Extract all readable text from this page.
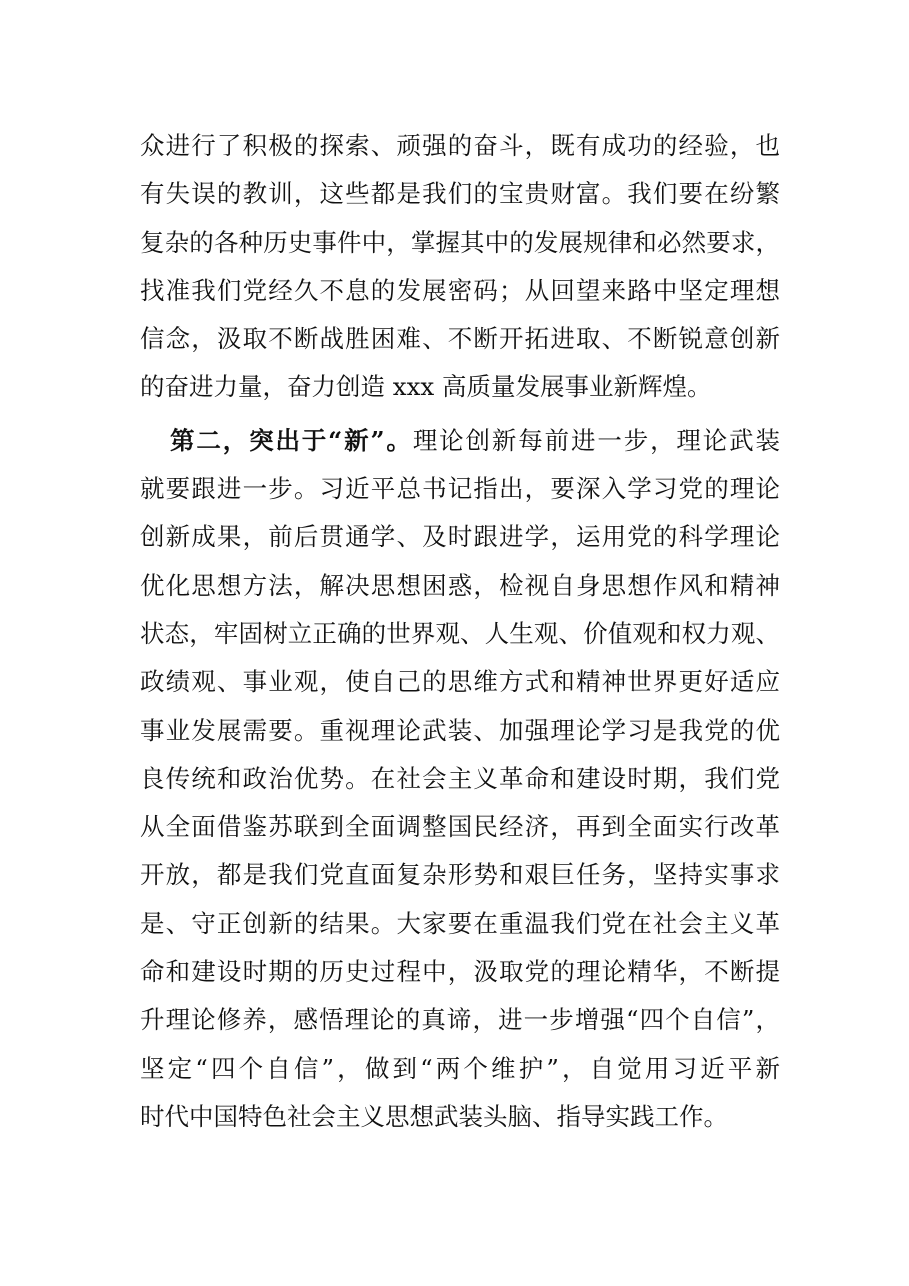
众进行了积极的探索、顽强的奋斗，既有成功的经验，也
有失误的教训，这些都是我们的宝贵财富。我们要在纷繁
复杂的各种历史事件中，掌握其中的发展规律和必然要求，
找准我们党经久不息的发展密码；从回望来路中坚定理想
信念，汲取不断战胜困难、不断开拓进取、不断锐意创新
的奋进力量，奋力创造 xxx 高质量发展事业新辉煌。
第二，突出于“新”。理论创新每前进一步，理论武装
就要跟进一步。习近平总书记指出，要深入学习党的理论
创新成果，前后贯通学、及时跟进学，运用党的科学理论
优化思想方法，解决思想困惑，检视自身思想作风和精神
状态，牢固树立正确的世界观、人生观、价值观和权力观、
政绩观、事业观，使自己的思维方式和精神世界更好适应
事业发展需要。重视理论武装、加强理论学习是我党的优
良传统和政治优势。在社会主义革命和建设时期，我们党
从全面借鉴苏联到全面调整国民经济，再到全面实行改革
开放，都是我们党直面复杂形势和艰巨任务，坚持实事求
是、守正创新的结果。大家要在重温我们党在社会主义革
命和建设时期的历史过程中，汲取党的理论精华，不断提
升理论修养，感悟理论的真谛，进一步增强“四个自信”，
坚定“四个自信”，做到“两个维护”，自觉用习近平新
时代中国特色社会主义思想武装头脑、指导实践工作。
